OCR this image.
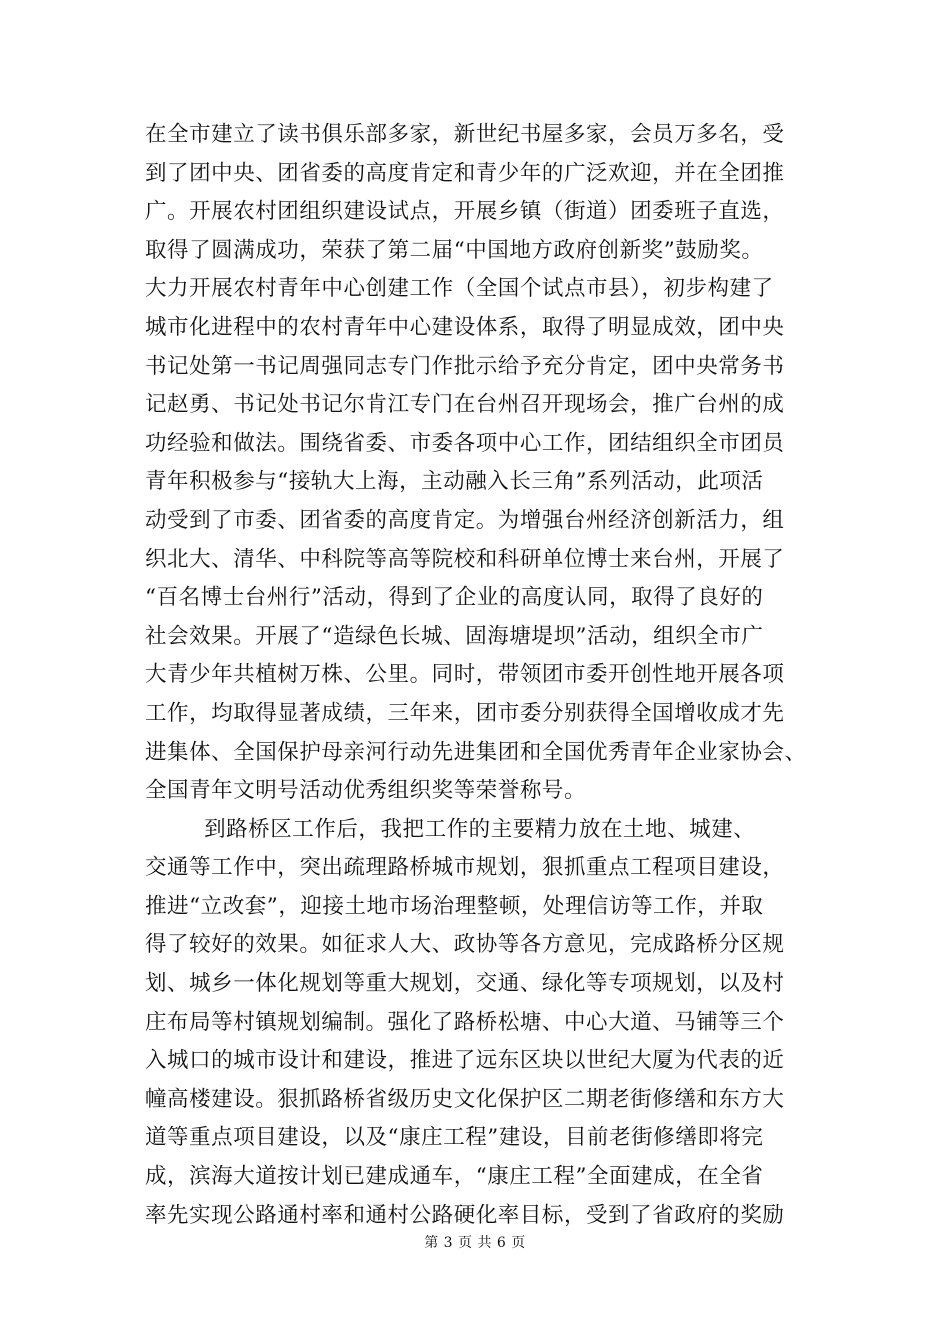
在全市建立了读书俱乐部多家，新世纪书屋多家，会员万多名，受
到了团中央、团省委的高度肯定和青少年的广泛欢迎，并在全团推
广。开展农村团组织建设试点，开展乡镇（街道）团委班子直选，
取得了圆满成功，荣获了第二届“中国地方政府创新奖”鼓励奖。
大力开展农村青年中心创建工作（全国个试点市县），初步构建了
城市化进程中的农村青年中心建设体系，取得了明显成效，团中央
书记处第一书记周强同志专门作批示给予充分肯定，团中央常务书
记赵勇、书记处书记尔肯江专门在台州召开现场会，推广台州的成
功经验和做法。围绕省委、市委各项中心工作，团结组织全市团员
青年积极参与“接轨大上海，主动融入长三角”系列活动，此项活
动受到了市委、团省委的高度肯定。为增强台州经济创新活力，组
织北大、清华、中科院等高等院校和科研单位博士来台州，开展了
“百名博士台州行”活动，得到了企业的高度认同，取得了良好的
社会效果。开展了“造绿色长城、固海塘堤坝”活动，组织全市广
大青少年共植树万株、公里。同时，带领团市委开创性地开展各项
工作，均取得显著成绩，三年来，团市委分别获得全国增收成才先
进集体、全国保护母亲河行动先进集团和全国优秀青年企业家协会、
全国青年文明号活动优秀组织奖等荣誉称号。
到路桥区工作后，我把工作的主要精力放在土地、城建、
交通等工作中，突出疏理路桥城市规划，狠抓重点工程项目建设，
推进“立改套”，迎接土地市场治理整顿，处理信访等工作，并取
得了较好的效果。如征求人大、政协等各方意见，完成路桥分区规
划、城乡一体化规划等重大规划，交通、绿化等专项规划，以及村
庄布局等村镇规划编制。强化了路桥松塘、中心大道、马铺等三个
入城口的城市设计和建设，推进了远东区块以世纪大厦为代表的近
幢高楼建设。狠抓路桥省级历史文化保护区二期老街修缮和东方大
道等重点项目建设，以及“康庄工程”建设，目前老街修缮即将完
成，滨海大道按计划已建成通车，“康庄工程”全面建成，在全省
率先实现公路通村率和通村公路硬化率目标，受到了省政府的奖励
第 3 页 共 6 页
